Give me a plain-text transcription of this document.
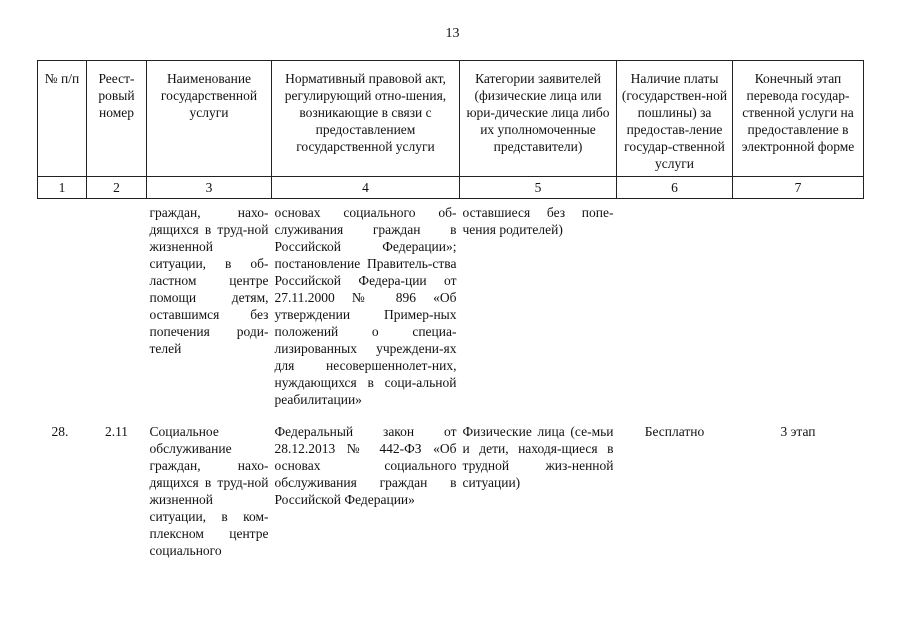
13
№ п/п	Реест-ровый номер	Наименование государственной услуги	Нормативный правовой акт, регулирующий отно-шения, возникающие в связи с предоставлением государственной услуги	Категории заявителей (физические лица или юри-дические лица либо их уполномоченные представители)	Наличие платы (государствен-ной пошлины) за предостав-ление государ-ственной услуги	Конечный этап перевода государ-ственной услуги на предоставление в электронной форме
1	2	3	4	5	6	7
		граждан, нахо-дящихся в труд-ной жизненной ситуации, в об-ластном центре помощи детям, оставшимся без попечения роди-телей	основах социального об-служивания граждан в Российской Федерации»; постановление Правитель-ства Российской Федера-ции от 27.11.2000 № 896 «Об утверждении Пример-ных положений о специа-лизированных учреждени-ях для несовершеннолет-них, нуждающихся в соци-альной реабилитации»	оставшиеся без попе-чения родителей)		
28.	2.11	Социальное обслуживание граждан, нахо-дящихся в труд-ной жизненной ситуации, в ком-плексном центре социального	Федеральный закон от 28.12.2013 № 442-ФЗ «Об основах социального обслуживания граждан в Российской Федерации»	Физические лица (се-мьи и дети, находя-щиеся в трудной жиз-ненной ситуации)	Бесплатно	3 этап
